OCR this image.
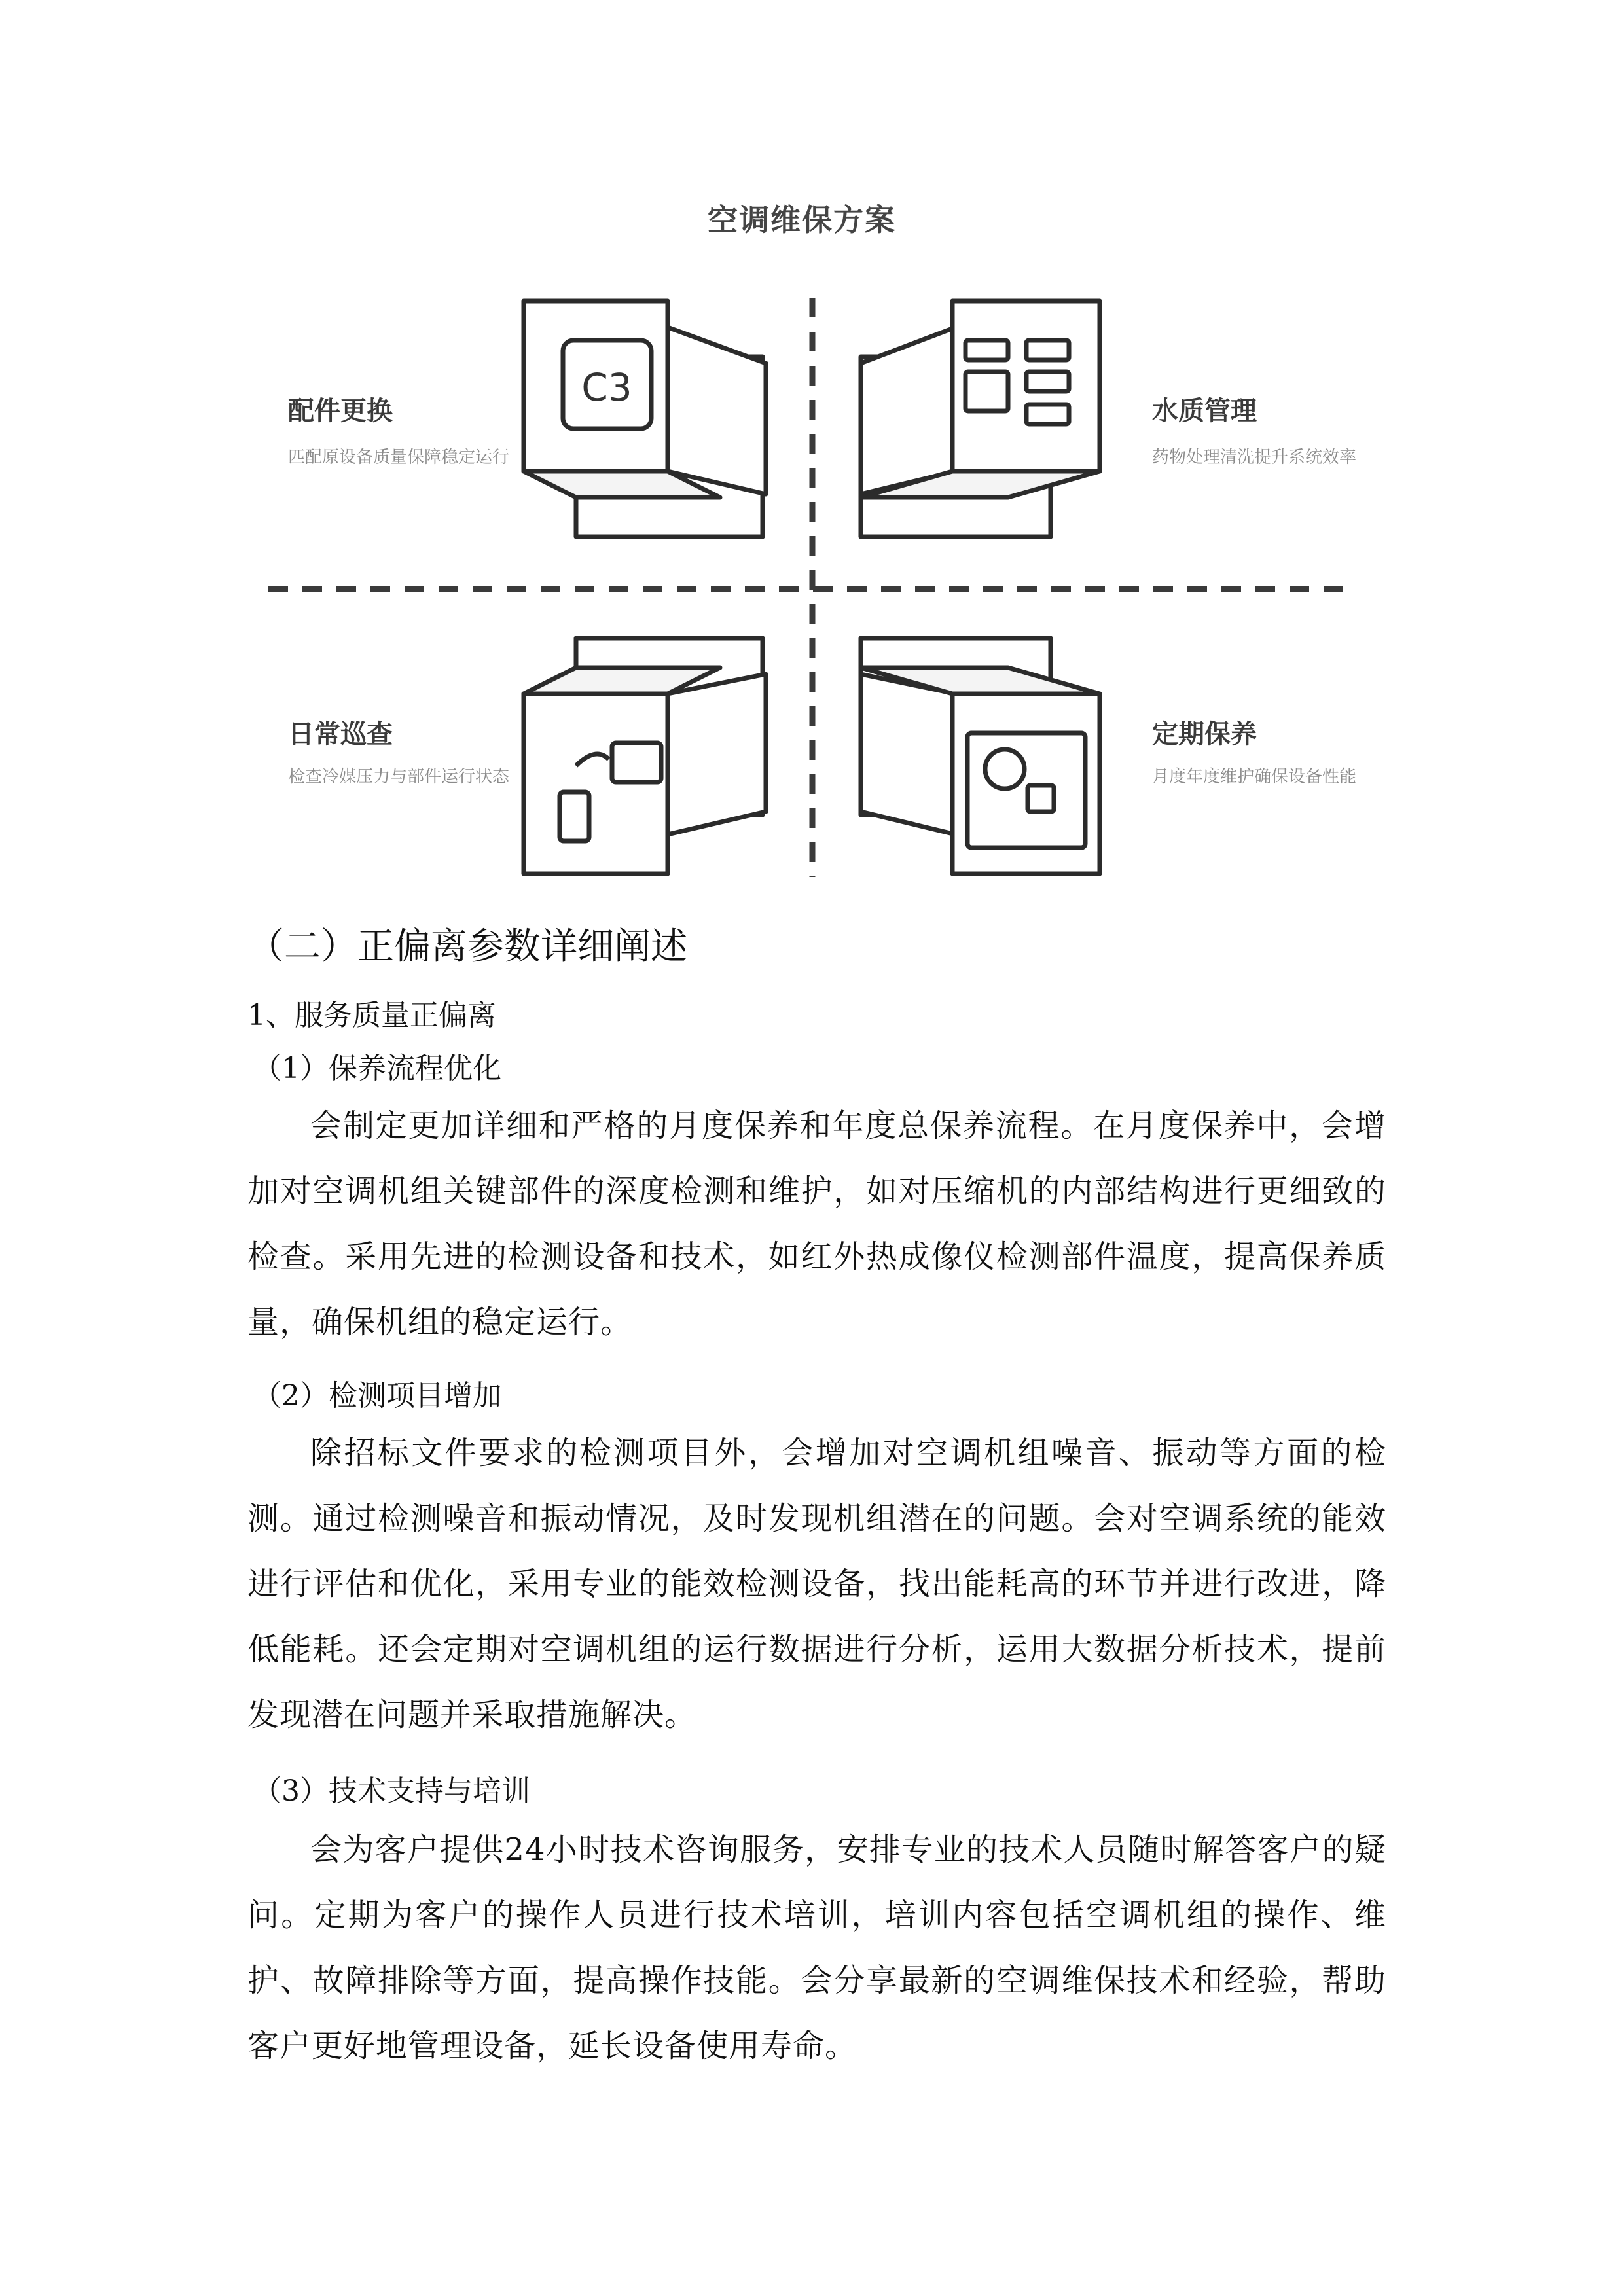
C3
空调维保方案
配件更换
匹配原设备质量保障稳定运行
水质管理
药物处理清洗提升系统效率
日常巡查
检查冷媒压力与部件运行状态
定期保养
月度年度维护确保设备性能
（二）正偏离参数详细阐述
1、服务质量正偏离
（1）保养流程优化

会制定更加详细和严格的月度保养和年度总保养流程。在月度保养中，会增加对空调机组关键部件的深度检测和维护，如对压缩机的内部结构进行更细致的检查。采用先进的检测设备和技术，如红外热成像仪检测部件温度，提高保养质量，确保机组的稳定运行。

（2）检测项目增加

除招标文件要求的检测项目外，会增加对空调机组噪音、振动等方面的检测。通过检测噪音和振动情况，及时发现机组潜在的问题。会对空调系统的能效进行评估和优化，采用专业的能效检测设备，找出能耗高的环节并进行改进，降低能耗。还会定期对空调机组的运行数据进行分析，运用大数据分析技术，提前发现潜在问题并采取措施解决。

（3）技术支持与培训

会为客户提供24小时技术咨询服务，安排专业的技术人员随时解答客户的疑问。定期为客户的操作人员进行技术培训，培训内容包括空调机组的操作、维护、故障排除等方面，提高操作技能。会分享最新的空调维保技术和经验，帮助客户更好地管理设备，延长设备使用寿命。
